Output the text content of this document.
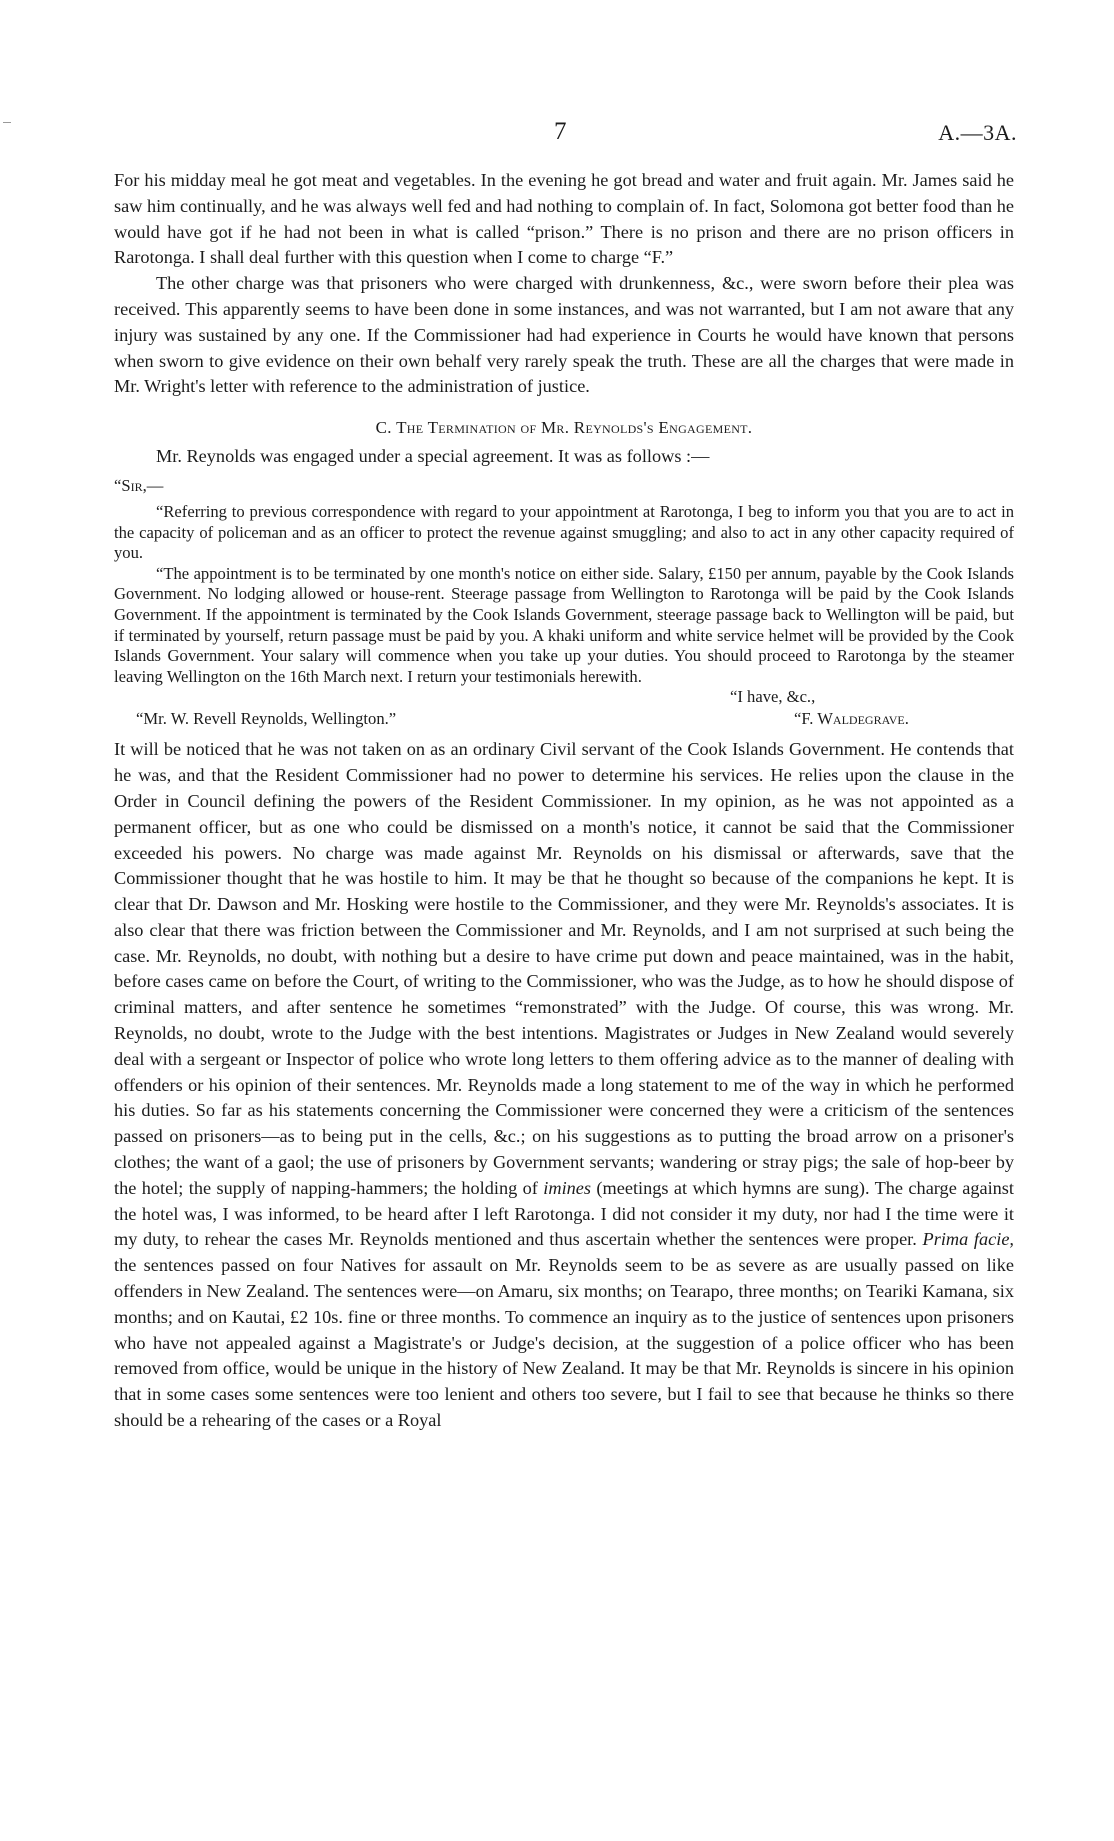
7	A.—3A.

For his midday meal he got meat and vegetables. In the evening he got bread and water and fruit again. Mr. James said he saw him continually, and he was always well fed and had nothing to complain of. In fact, Solomona got better food than he would have got if he had not been in what is called “prison.” There is no prison and there are no prison officers in Rarotonga. I shall deal further with this question when I come to charge “F.”

The other charge was that prisoners who were charged with drunkenness, &c., were sworn before their plea was received. This apparently seems to have been done in some instances, and was not warranted, but I am not aware that any injury was sustained by any one. If the Commissioner had had experience in Courts he would have known that persons when sworn to give evidence on their own behalf very rarely speak the truth. These are all the charges that were made in Mr. Wright's letter with reference to the administration of justice.

C. The Termination of Mr. Reynolds's Engagement.

Mr. Reynolds was engaged under a special agreement. It was as follows :—

“Sir,—

“Referring to previous correspondence with regard to your appointment at Rarotonga, I beg to inform you that you are to act in the capacity of policeman and as an officer to protect the revenue against smuggling; and also to act in any other capacity required of you.

“The appointment is to be terminated by one month's notice on either side. Salary, £150 per annum, payable by the Cook Islands Government. No lodging allowed or house-rent. Steerage passage from Wellington to Rarotonga will be paid by the Cook Islands Government. If the appointment is terminated by the Cook Islands Government, steerage passage back to Wellington will be paid, but if terminated by yourself, return passage must be paid by you. A khaki uniform and white service helmet will be provided by the Cook Islands Government. Your salary will commence when you take up your duties. You should proceed to Rarotonga by the steamer leaving Wellington on the 16th March next. I return your testimonials herewith.

“I have, &c.,
“Mr. W. Revell Reynolds, Wellington.”	“F. Waldegrave.

It will be noticed that he was not taken on as an ordinary Civil servant of the Cook Islands Government. He contends that he was, and that the Resident Commissioner had no power to determine his services. He relies upon the clause in the Order in Council defining the powers of the Resident Commissioner. In my opinion, as he was not appointed as a permanent officer, but as one who could be dismissed on a month's notice, it cannot be said that the Commissioner exceeded his powers. No charge was made against Mr. Reynolds on his dismissal or afterwards, save that the Commissioner thought that he was hostile to him. It may be that he thought so because of the companions he kept. It is clear that Dr. Dawson and Mr. Hosking were hostile to the Commissioner, and they were Mr. Reynolds's associates. It is also clear that there was friction between the Commissioner and Mr. Reynolds, and I am not surprised at such being the case. Mr. Reynolds, no doubt, with nothing but a desire to have crime put down and peace maintained, was in the habit, before cases came on before the Court, of writing to the Commissioner, who was the Judge, as to how he should dispose of criminal matters, and after sentence he sometimes “remonstrated” with the Judge. Of course, this was wrong. Mr. Reynolds, no doubt, wrote to the Judge with the best intentions. Magistrates or Judges in New Zealand would severely deal with a sergeant or Inspector of police who wrote long letters to them offering advice as to the manner of dealing with offenders or his opinion of their sentences. Mr. Reynolds made a long statement to me of the way in which he performed his duties. So far as his statements concerning the Commissioner were concerned they were a criticism of the sentences passed on prisoners—as to being put in the cells, &c.; on his suggestions as to putting the broad arrow on a prisoner's clothes; the want of a gaol; the use of prisoners by Government servants; wandering or stray pigs; the sale of hop-beer by the hotel; the supply of napping-hammers; the holding of imines (meetings at which hymns are sung). The charge against the hotel was, I was informed, to be heard after I left Rarotonga. I did not consider it my duty, nor had I the time were it my duty, to rehear the cases Mr. Reynolds mentioned and thus ascertain whether the sentences were proper. Prima facie, the sentences passed on four Natives for assault on Mr. Reynolds seem to be as severe as are usually passed on like offenders in New Zealand. The sentences were—on Amaru, six months; on Tearapo, three months; on Teariki Kamana, six months; and on Kautai, £2 10s. fine or three months. To commence an inquiry as to the justice of sentences upon prisoners who have not appealed against a Magistrate's or Judge's decision, at the suggestion of a police officer who has been removed from office, would be unique in the history of New Zealand. It may be that Mr. Reynolds is sincere in his opinion that in some cases some sentences were too lenient and others too severe, but I fail to see that because he thinks so there should be a rehearing of the cases or a Royal
